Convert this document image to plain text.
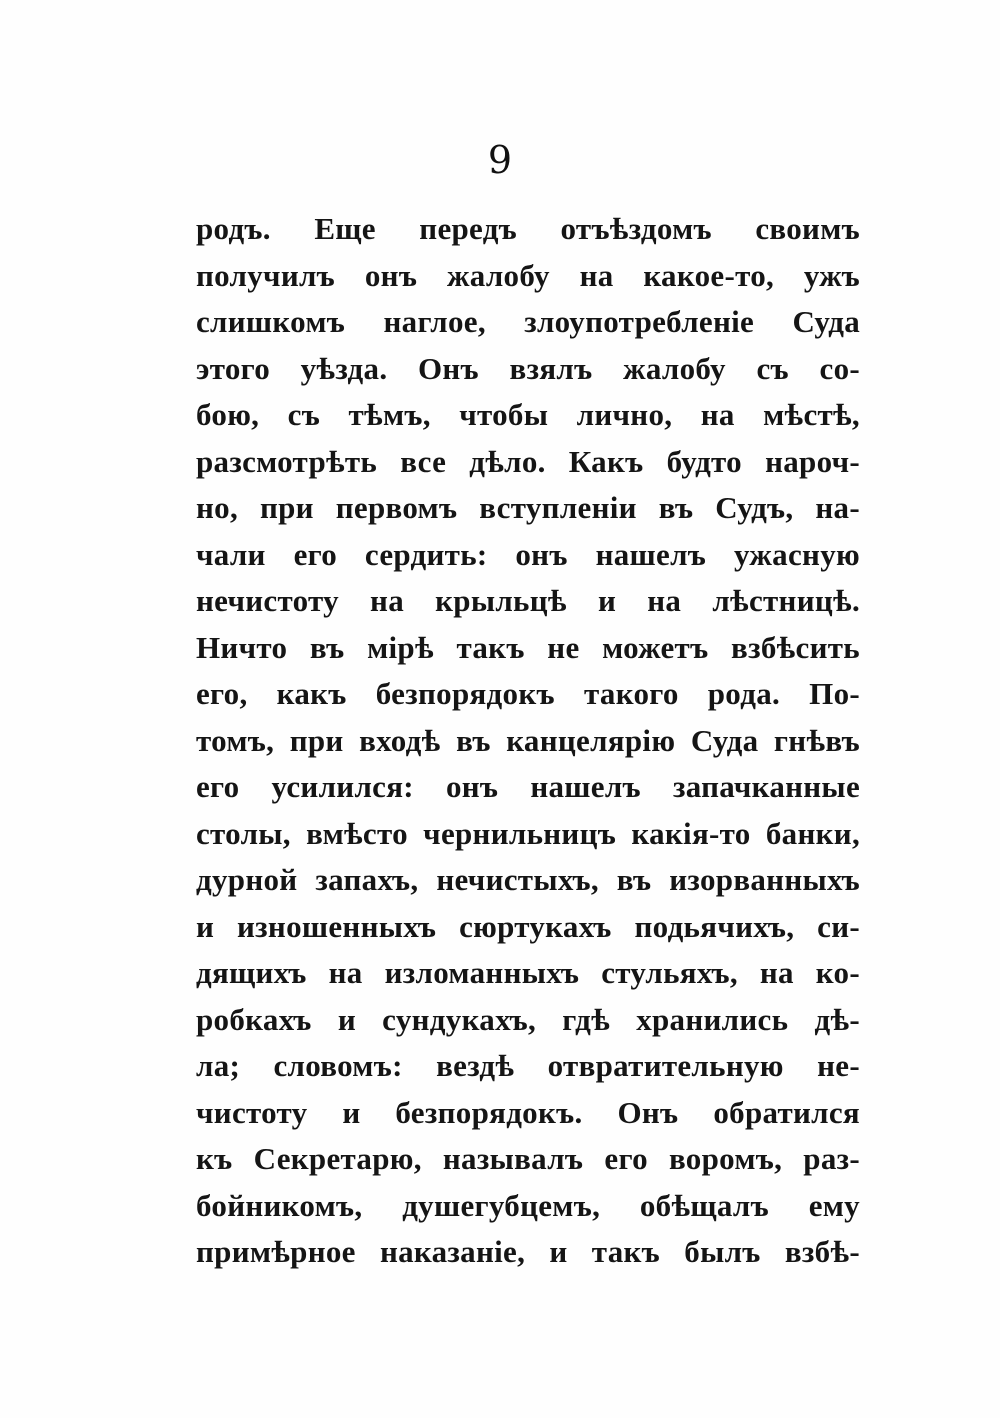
9
родъ. Еще передъ отъѣздомъ своимъ
получилъ онъ жалобу на какое-то, ужъ
слишкомъ наглое, злоупотребленіе Суда
этого уѣзда. Онъ взялъ жалобу съ со-
бою, съ тѣмъ, чтобы лично, на мѣстѣ,
разсмотрѣть все дѣло. Какъ будто нароч-
но, при первомъ вступленіи въ Судъ, на-
чали его сердить: онъ нашелъ ужасную
нечистоту на крыльцѣ и на лѣстницѣ.
Ничто въ мірѣ такъ не можетъ взбѣсить
его, какъ безпорядокъ такого рода. По-
томъ, при входѣ въ канцелярію Суда гнѣвъ
его усилился: онъ нашелъ запачканные
столы, вмѣсто чернильницъ какія-то банки,
дурной запахъ, нечистыхъ, въ изорванныхъ
и изношенныхъ сюртукахъ подьячихъ, си-
дящихъ на изломанныхъ стульяхъ, на ко-
робкахъ и сундукахъ, гдѣ хранились дѣ-
ла; словомъ: вездѣ отвратительную не-
чистоту и безпорядокъ. Онъ обратился
къ Секретарю, называлъ его воромъ, раз-
бойникомъ, душегубцемъ, обѣщалъ ему
примѣрное наказаніе, и такъ былъ взбѣ-
